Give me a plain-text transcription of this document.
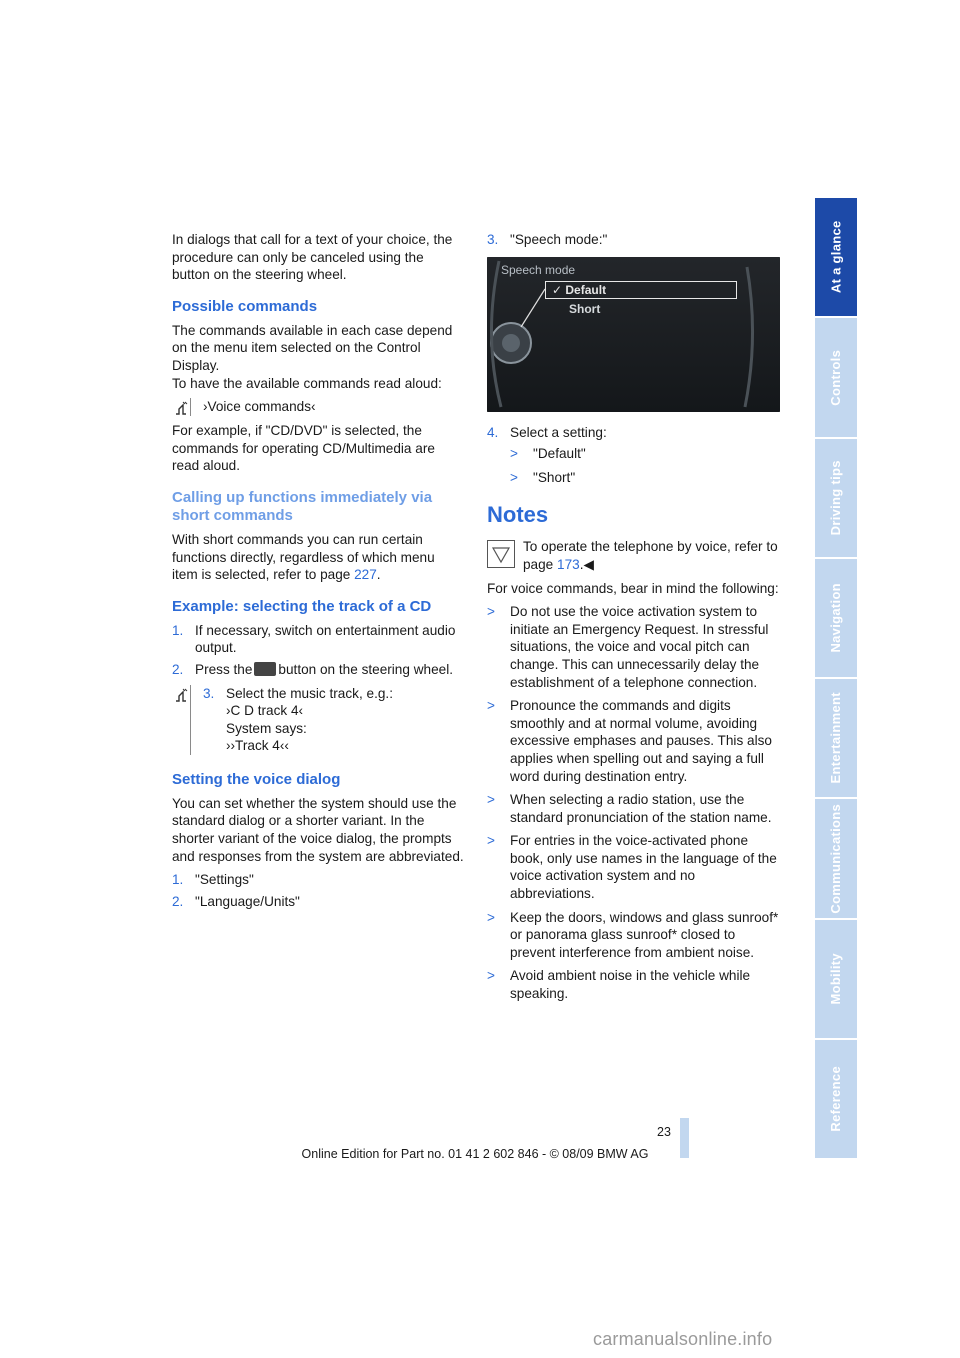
At a glance
Controls
Driving tips
Navigation
Entertainment
Communications
Mobility
Reference

In dialogs that call for a text of your choice, the procedure can only be canceled using the button on the steering wheel.

Possible commands

The commands available in each case depend on the menu item selected on the Control Display.

To have the available commands read aloud:

›Voice commands‹

For example, if "CD/DVD" is selected, the commands for operating CD/Multimedia are read aloud.

Calling up functions immediately via short commands

With short commands you can run certain functions directly, regardless of which menu item is selected, refer to page 227.

Example: selecting the track of a CD
1. If necessary, switch on entertainment audio output.
2. Press the button on the steering wheel.
3. Select the music track, e.g.:
›C D track 4‹
System says:
››Track 4‹‹
Setting the voice dialog

You can set whether the system should use the standard dialog or a shorter variant. In the shorter variant of the voice dialog, the prompts and responses from the system are abbreviated.

1. "Settings"
2. "Language/Units"
3. "Speech mode:"
Speech mode
✓ Default
Short
4. Select a setting:
>	"Default"
>	"Short"
Notes

To operate the telephone by voice, refer to page 173.◀

For voice commands, bear in mind the following:

>	Do not use the voice activation system to initiate an Emergency Request. In stressful situations, the voice and vocal pitch can change. This can unnecessarily delay the establishment of a telephone connection.
>	Pronounce the commands and digits smoothly and at normal volume, avoiding excessive emphases and pauses. This also applies when spelling out and saying a full word during destination entry.
>	When selecting a radio station, use the standard pronunciation of the station name.
>	For entries in the voice-activated phone book, only use names in the language of the voice activation system and no abbreviations.
>	Keep the doors, windows and glass sunroof* or panorama glass sunroof* closed to prevent interference from ambient noise.
>	Avoid ambient noise in the vehicle while speaking.
23
Online Edition for Part no. 01 41 2 602 846 - © 08/09 BMW AG
carmanualsonline.info
